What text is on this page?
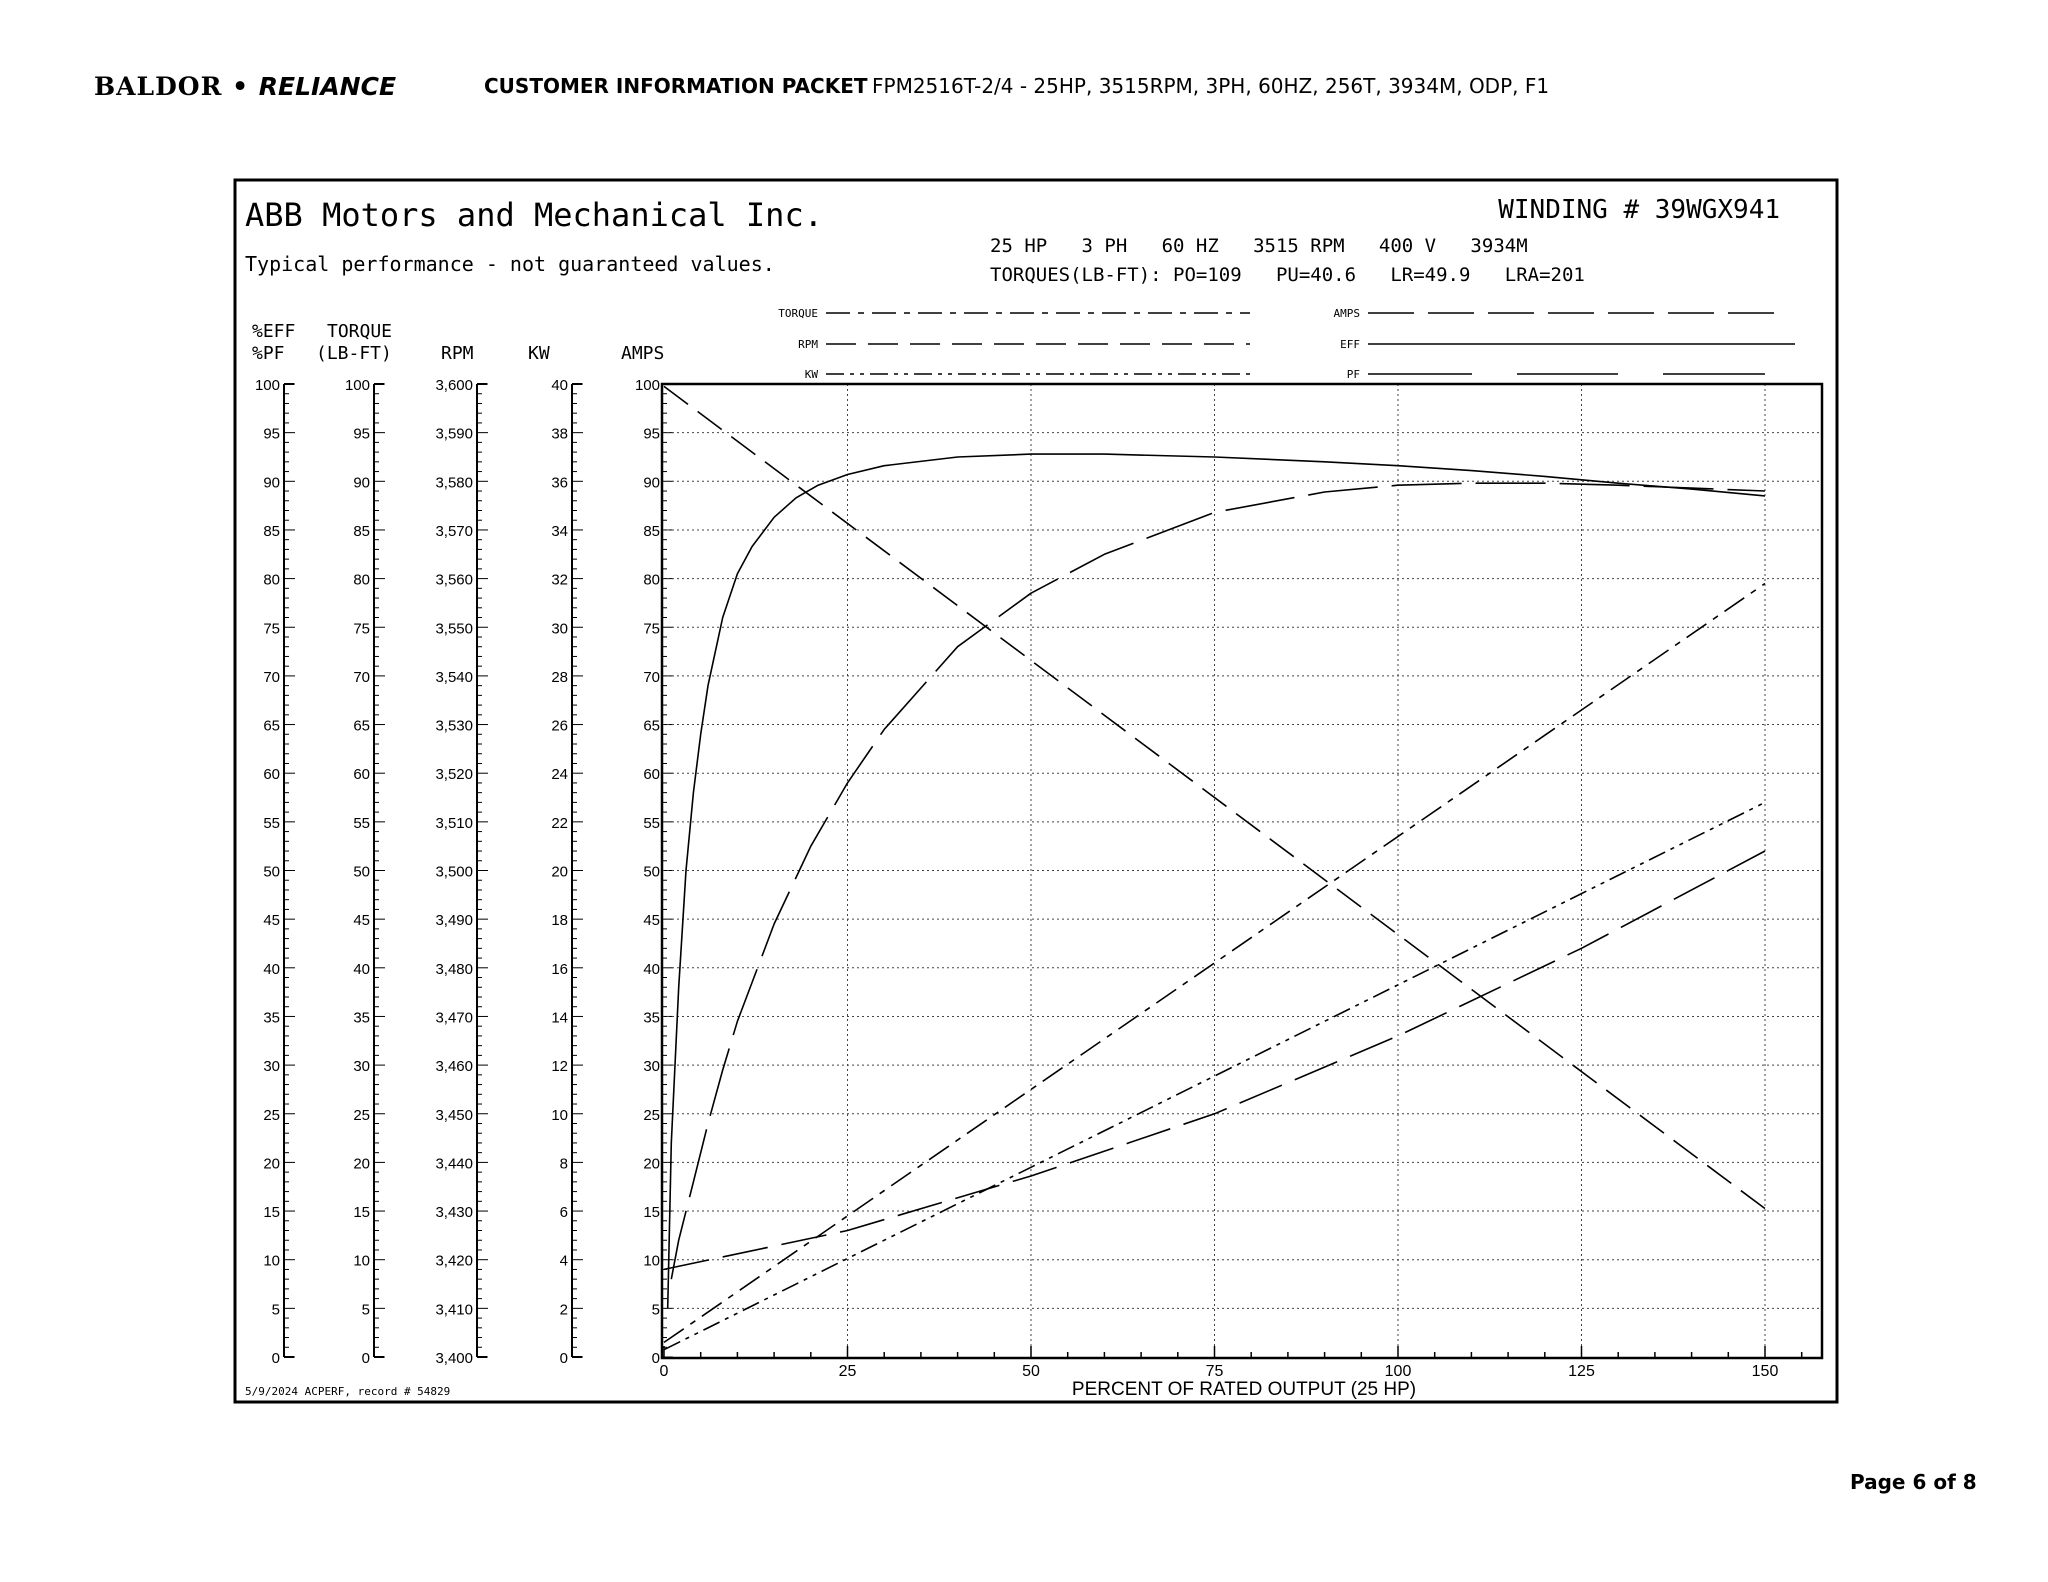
BALDOR • RELIANCE	CUSTOMER INFORMATION PACKET FPM2516T-2/4 - 25HP, 3515RPM, 3PH, 60HZ, 256T, 3934M, ODP, F1
ABB Motors and Mechanical Inc.
Typical performance - not guaranteed values.
WINDING # 39WGX941
25 HP   3 PH   60 HZ   3515 RPM   400 V   3934M
TORQUES(LB-FT): PO=109   PU=40.6   LR=49.9   LRA=201
5/9/2024 ACPERF, record # 54829	PERCENT OF RATED OUTPUT (25 HP)
TORQUE
RPM
KW
AMPS
EFF
PF
100
95
90
85
80
75
70
65
60
55
50
45
40
35
30
25
20
15
10
5
0
%EFF
%PF
100
95
90
85
80
75
70
65
60
55
50
45
40
35
30
25
20
15
10
5
0
TORQUE
(LB-FT)
3,600
3,590
3,580
3,570
3,560
3,550
3,540
3,530
3,520
3,510
3,500
3,490
3,480
3,470
3,460
3,450
3,440
3,430
3,420
3,410
3,400
RPM
40
38
36
34
32
30
28
26
24
22
20
18
16
14
12
10
8
6
4
2
0
KW
100
95
90
85
80
75
70
65
60
55
50
45
40
35
30
25
20
15
10
5
0
AMPS
0	25	50	75	100	125	150
Page 6 of 8
